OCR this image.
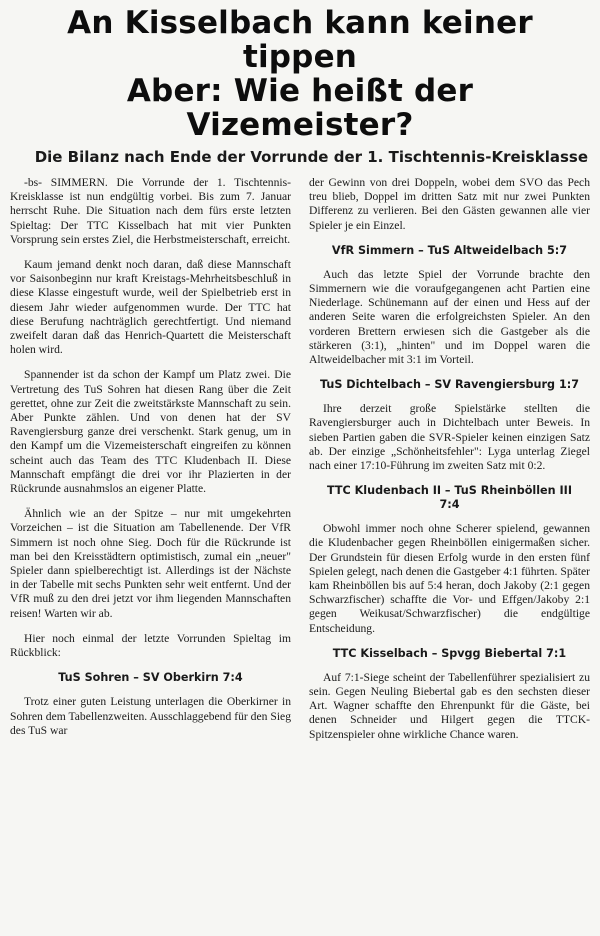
An Kisselbach kann keiner tippen
Aber: Wie heißt der Vizemeister?
Die Bilanz nach Ende der Vorrunde der 1. Tischtennis-Kreisklasse

-bs- SIMMERN. Die Vorrunde der 1. Tischtennis-Kreisklasse ist nun endgültig vorbei. Bis zum 7. Januar herrscht Ruhe. Die Situation nach dem fürs erste letzten Spieltag: Der TTC Kisselbach hat mit vier Punkten Vorsprung sein erstes Ziel, die Herbstmeisterschaft, erreicht.

Kaum jemand denkt noch daran, daß diese Mannschaft vor Saisonbeginn nur kraft Kreistags-Mehrheitsbeschluß in diese Klasse eingestuft wurde, weil der Spielbetrieb erst in diesem Jahr wieder aufgenommen wurde. Der TTC hat diese Berufung nachträglich gerechtfertigt. Und niemand zweifelt daran daß das Henrich-Quartett die Meisterschaft holen wird.

Spannender ist da schon der Kampf um Platz zwei. Die Vertretung des TuS Sohren hat diesen Rang über die Zeit gerettet, ohne zur Zeit die zweitstärkste Mannschaft zu sein. Aber Punkte zählen. Und von denen hat der SV Ravengiersburg ganze drei verschenkt. Stark genug, um in den Kampf um die Vizemeisterschaft eingreifen zu können scheint auch das Team des TTC Kludenbach II. Diese Mannschaft empfängt die drei vor ihr Plazierten in der Rückrunde ausnahmslos an eigener Platte.

Ähnlich wie an der Spitze – nur mit umgekehrten Vorzeichen – ist die Situation am Tabellenende. Der VfR Simmern ist noch ohne Sieg. Doch für die Rückrunde ist man bei den Kreisstädtern optimistisch, zumal ein „neuer" Spieler dann spielberechtigt ist. Allerdings ist der Nächste in der Tabelle mit sechs Punkten sehr weit entfernt. Und der VfR muß zu den drei jetzt vor ihm liegenden Mannschaften reisen! Warten wir ab.

Hier noch einmal der letzte Vorrunden Spieltag im Rückblick:

TuS Sohren – SV Oberkirn 7:4

Trotz einer guten Leistung unterlagen die Oberkirner in Sohren dem Tabellenzweiten. Ausschlaggebend für den Sieg des TuS war

der Gewinn von drei Doppeln, wobei dem SVO das Pech treu blieb, Doppel im dritten Satz mit nur zwei Punkten Differenz zu verlieren. Bei den Gästen gewannen alle vier Spieler je ein Einzel.

VfR Simmern – TuS Altweidelbach 5:7

Auch das letzte Spiel der Vorrunde brachte den Simmernern wie die voraufgegangenen acht Partien eine Niederlage. Schünemann auf der einen und Hess auf der anderen Seite waren die erfolgreichsten Spieler. An den vorderen Brettern erwiesen sich die Gastgeber als die stärkeren (3:1), „hinten" und im Doppel waren die Altweidelbacher mit 3:1 im Vorteil.

TuS Dichtelbach – SV Ravengiersburg 1:7

Ihre derzeit große Spielstärke stellten die Ravengiersburger auch in Dichtelbach unter Beweis. In sieben Partien gaben die SVR-Spieler keinen einzigen Satz ab. Der einzige „Schönheitsfehler": Lyga unterlag Ziegel nach einer 17:10-Führung im zweiten Satz mit 0:2.

TTC Kludenbach II – TuS Rheinböllen III
7:4

Obwohl immer noch ohne Scherer spielend, gewannen die Kludenbacher gegen Rheinböllen einigermaßen sicher. Der Grundstein für diesen Erfolg wurde in den ersten fünf Spielen gelegt, nach denen die Gastgeber 4:1 führten. Später kam Rheinböllen bis auf 5:4 heran, doch Jakoby (2:1 gegen Schwarzfischer) schaffte die Vor- und Effgen/Jakoby 2:1 gegen Weikusat/Schwarzfischer) die endgültige Entscheidung.

TTC Kisselbach – Spvgg Biebertal 7:1

Auf 7:1-Siege scheint der Tabellenführer spezialisiert zu sein. Gegen Neuling Biebertal gab es den sechsten dieser Art. Wagner schaffte den Ehrenpunkt für die Gäste, bei denen Schneider und Hilgert gegen die TTCK-Spitzenspieler ohne wirkliche Chance waren.
